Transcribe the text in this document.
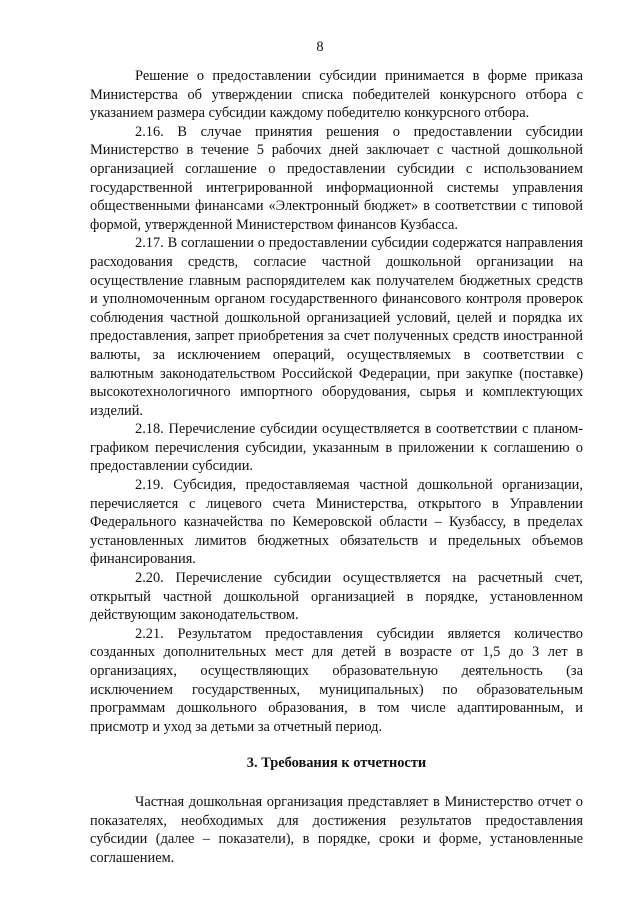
8

Решение о предоставлении субсидии принимается в форме приказа Министерства об утверждении списка победителей конкурсного отбора с указанием размера субсидии каждому победителю конкурсного отбора.

2.16. В случае принятия решения о предоставлении субсидии Министерство в течение 5 рабочих дней заключает с частной дошкольной организацией соглашение о предоставлении субсидии с использованием государственной интегрированной информационной системы управления общественными финансами «Электронный бюджет» в соответствии с типовой формой, утвержденной Министерством финансов Кузбасса.

2.17. В соглашении о предоставлении субсидии содержатся направления расходования средств, согласие частной дошкольной организации на осуществление главным распорядителем как получателем бюджетных средств и уполномоченным органом государственного финансового контроля проверок соблюдения частной дошкольной организацией условий, целей и порядка их предоставления, запрет приобретения за счет полученных средств иностранной валюты, за исключением операций, осуществляемых в соответствии с валютным законодательством Российской Федерации, при закупке (поставке) высокотехнологичного импортного оборудования, сырья и комплектующих изделий.

2.18. Перечисление субсидии осуществляется в соответствии с планом-графиком перечисления субсидии, указанным в приложении к соглашению о предоставлении субсидии.

2.19. Субсидия, предоставляемая частной дошкольной организации, перечисляется с лицевого счета Министерства, открытого в Управлении Федерального казначейства по Кемеровской области – Кузбассу, в пределах установленных лимитов бюджетных обязательств и предельных объемов финансирования.

2.20. Перечисление субсидии осуществляется на расчетный счет, открытый частной дошкольной организацией в порядке, установленном действующим законодательством.

2.21. Результатом предоставления субсидии является количество созданных дополнительных мест для детей в возрасте от 1,5 до 3 лет в организациях, осуществляющих образовательную деятельность (за исключением государственных, муниципальных) по образовательным программам дошкольного образования, в том числе адаптированным, и присмотр и уход за детьми за отчетный период.

3. Требования к отчетности

Частная дошкольная организация представляет в Министерство отчет о показателях, необходимых для достижения результатов предоставления субсидии (далее – показатели), в порядке, сроки и форме, установленные соглашением.
